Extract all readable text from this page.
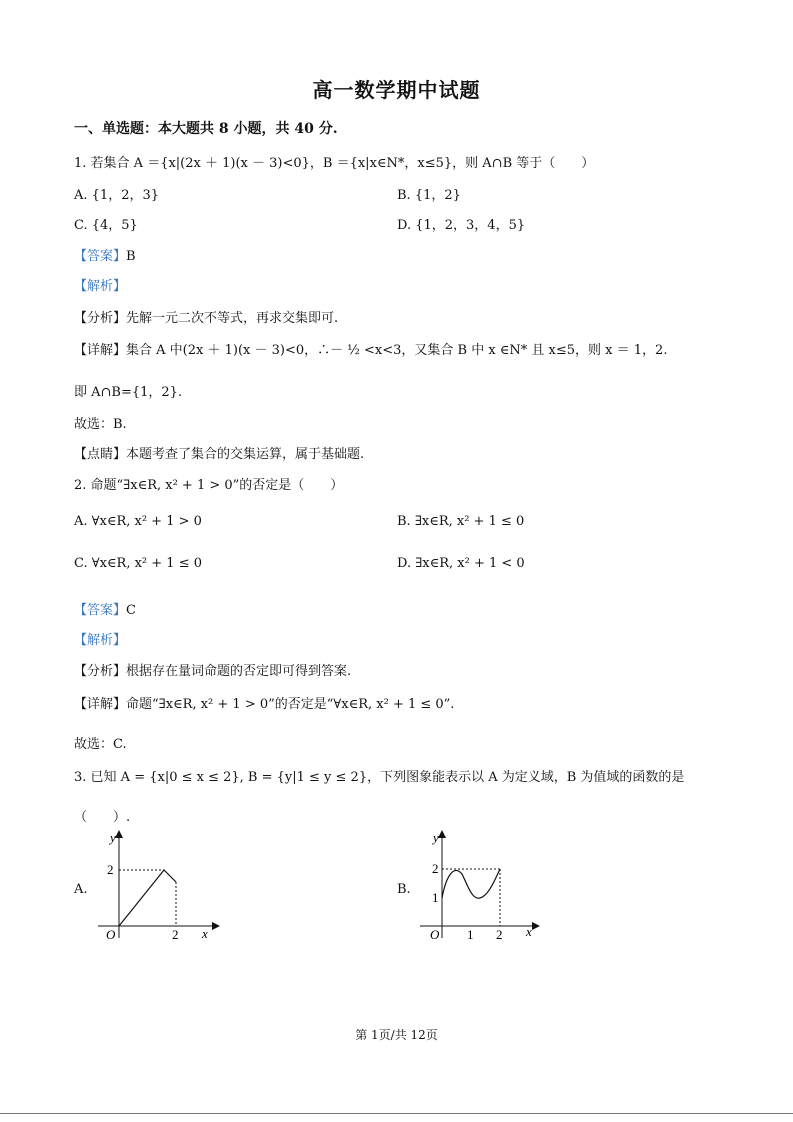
高一数学期中试题
一、单选题：本大题共 8 小题，共 40 分.
1. 若集合 A ＝{x|(2x ＋ 1)(x － 3)<0}，B ＝{x|x∈N*，x≤5}，则 A∩B 等于（　　）
A. {1，2，3}	B. {1，2}
C. {4，5}	D. {1，2，3，4，5}
【答案】B
【解析】
【分析】先解一元二次不等式，再求交集即可.
【详解】集合 A 中(2x ＋ 1)(x － 3)<0，∴－ ½ <x<3，又集合 B 中 x ∈N* 且 x≤5，则 x ＝ 1，2.
即 A∩B={1，2}.
故选：B.
【点睛】本题考查了集合的交集运算，属于基础题.
2. 命题“∃x∈R, x² + 1 > 0”的否定是（　　）
A. ∀x∈R, x² + 1 > 0	B. ∃x∈R, x² + 1 ≤ 0
C. ∀x∈R, x² + 1 ≤ 0	D. ∃x∈R, x² + 1 < 0
【答案】C
【解析】
【分析】根据存在量词命题的否定即可得到答案.
【详解】命题“∃x∈R, x² + 1 > 0”的否定是“∀x∈R, x² + 1 ≤ 0”.
故选：C.
3. 已知 A = {x|0 ≤ x ≤ 2}, B = {y|1 ≤ y ≤ 2}，下列图象能表示以 A 为定义域，B 为值域的函数的是
（　　）.
A.
y
x
O	2
2
B.
y
x
O 1 2
1
2
第 1页/共 12页
